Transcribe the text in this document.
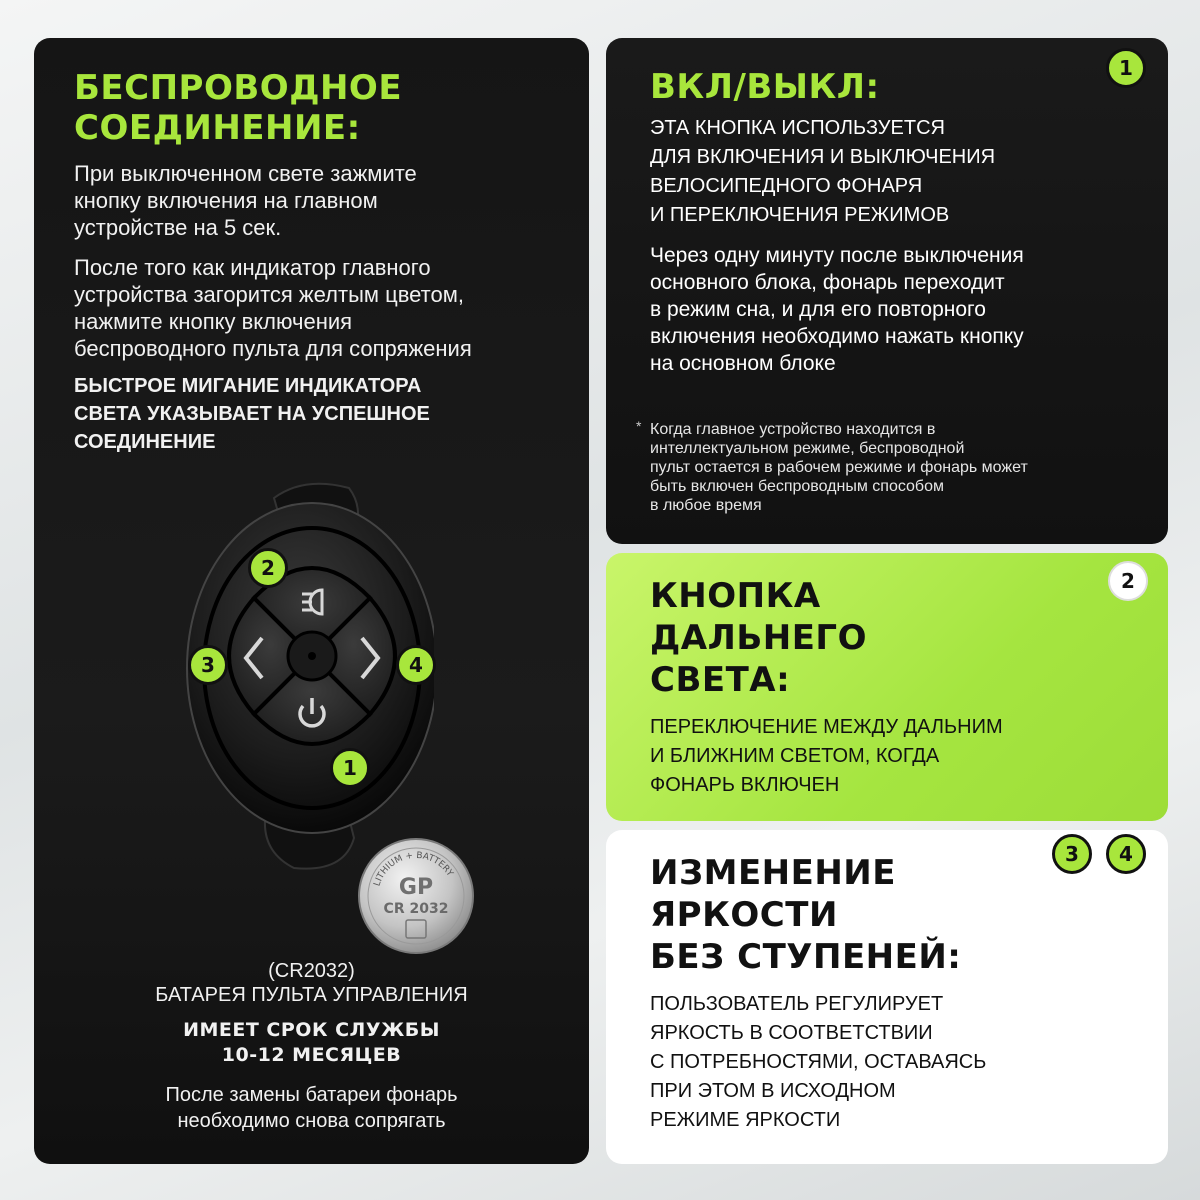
БЕСПРОВОДНОЕ
СОЕДИНЕНИЕ:
При выключенном свете зажмите
кнопку включения на главном
устройстве на 5 сек.
После того как индикатор главного
устройства загорится желтым цветом,
нажмите кнопку включения
беспроводного пульта для сопряжения
БЫСТРОЕ МИГАНИЕ ИНДИКАТОРА
СВЕТА УКАЗЫВАЕТ НА УСПЕШНОЕ
СОЕДИНЕНИЕ
2
3	4
1
LITHIUM + BATTERY
GP
CR 2032
(CR2032)
БАТАРЕЯ ПУЛЬТА УПРАВЛЕНИЯ
ИМЕЕТ СРОК СЛУЖБЫ
10-12 МЕСЯЦЕВ
После замены батареи фонарь
необходимо снова сопрягать
1
ВКЛ/ВЫКЛ:
ЭТА КНОПКА ИСПОЛЬЗУЕТСЯ
ДЛЯ ВКЛЮЧЕНИЯ И ВЫКЛЮЧЕНИЯ
ВЕЛОСИПЕДНОГО ФОНАРЯ
И ПЕРЕКЛЮЧЕНИЯ РЕЖИМОВ
Через одну минуту после выключения
основного блока, фонарь переходит
в режим сна, и для его повторного
включения необходимо нажать кнопку
на основном блоке
* Когда главное устройство находится в
интеллектуальном режиме, беспроводной
пульт остается в рабочем режиме и фонарь может
быть включен беспроводным способом
в любое время
2
КНОПКА
ДАЛЬНЕГО
СВЕТА:
ПЕРЕКЛЮЧЕНИЕ МЕЖДУ ДАЛЬНИМ
И БЛИЖНИМ СВЕТОМ, КОГДА
ФОНАРЬ ВКЛЮЧЕН
3	4
ИЗМЕНЕНИЕ
ЯРКОСТИ
БЕЗ СТУПЕНЕЙ:
ПОЛЬЗОВАТЕЛЬ РЕГУЛИРУЕТ
ЯРКОСТЬ В СООТВЕТСТВИИ
С ПОТРЕБНОСТЯМИ, ОСТАВАЯСЬ
ПРИ ЭТОМ В ИСХОДНОМ
РЕЖИМЕ ЯРКОСТИ
